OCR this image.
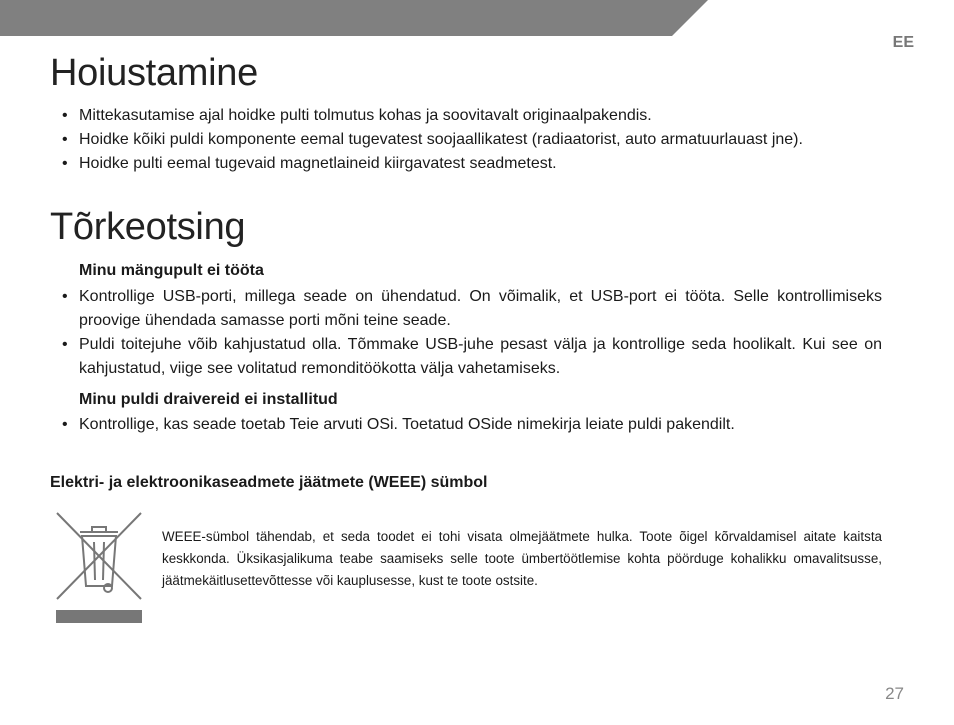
EE
Hoiustamine
• Mittekasutamise ajal hoidke pulti tolmutus kohas ja soovitavalt originaalpakendis.
• Hoidke kõiki puldi komponente eemal tugevatest soojaallikatest (radiaatorist, auto armatuurlauast jne).
• Hoidke pulti eemal tugevaid magnetlaineid kiirgavatest seadmetest.
Tõrkeotsing

Minu mängupult ei tööta

• Kontrollige USB-porti, millega seade on ühendatud. On võimalik, et USB-port ei tööta. Selle kontrollimiseks proovige ühendada samasse porti mõni teine seade.
• Puldi toitejuhe võib kahjustatud olla. Tõmmake USB-juhe pesast välja ja kontrollige seda hoolikalt. Kui see on kahjustatud, viige see volitatud remonditöökotta välja vahetamiseks.

Minu puldi draivereid ei installitud

• Kontrollige, kas seade toetab Teie arvuti OSi. Toetatud OSide nimekirja leiate puldi pakendilt.

Elektri- ja elektroonikaseadmete jäätmete (WEEE) sümbol

WEEE-sümbol tähendab, et seda toodet ei tohi visata olmejäätmete hulka. Toote õigel kõrvaldamisel aitate kaitsta keskkonda. Üksikasjalikuma teabe saamiseks selle toote ümbertöötlemise kohta pöörduge kohalikku omavalitsusse, jäätmekäitlusettevõttesse või kauplusesse, kust te toote ostsite.

27
